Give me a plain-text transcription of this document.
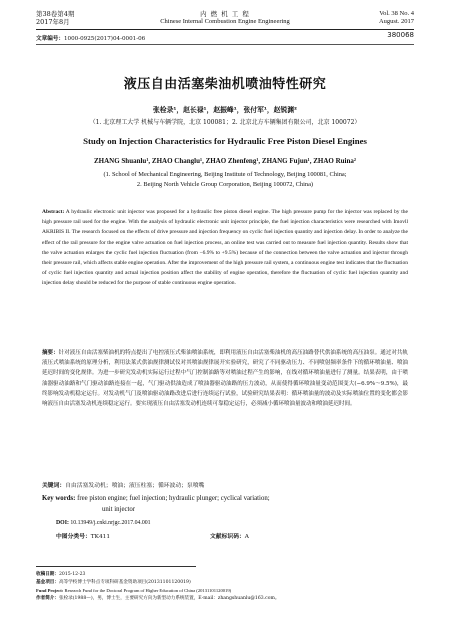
第38卷第4期
2017年8月
内 燃 机 工 程
Chinese Internal Combustion Engine Engineering
Vol. 38 No. 4
August. 2017
文章编号：1000-0925(2017)04-0001-06	380068
液压自由活塞柴油机喷油特性研究
张栓录¹，赵长禄¹，赵振峰¹，张付军¹，赵锐渊²
（1. 北京理工大学 机械与车辆学院，北京 100081；2. 北京北方车辆集团有限公司，北京 100072）
Study on Injection Characteristics for Hydraulic Free Piston Diesel Engines
ZHANG Shuanlu¹, ZHAO Changlu¹, ZHAO Zhenfeng¹, ZHANG Fujun¹, ZHAO Ruina²
(1. School of Mechanical Engineering, Beijing Institute of Technology, Beijing 100081, China;
2. Beijing North Vehicle Group Corporation, Beijing 100072, China)
Abstract: A hydraulic electronic unit injector was proposed for a hydraulic free piston diesel engine. The high pressure pump for the injector was replaced by the high pressure rail used for the engine. With the analysis of hydraulic electronic unit injector principle, the fuel injection characteristics were researched with Imovll AKRIBIS II. The research focused on the effects of drive pressure and injection frequency on cyclic fuel injection quantity and injection delay. In order to analyze the effect of the rail pressure for the engine valve actuation on fuel injection process, an online test was carried out to measure fuel injection quantity. Results show that the valve actuation enlarges the cyclic fuel injection fluctuation (from −6.9% to +9.5%) because of the connection between the valve actuation and injector through their pressure rail, which affects stable engine operation. After the improvement of the high pressure rail system, a continuous engine test indicates that the fluctuation of cyclic fuel injection quantity and actual injection position affect the stability of engine operation, therefore the fluctuation of cyclic fuel injection quantity and injection delay should be reduced for the purpose of stable continuous engine operation.
摘要：针对液压自由活塞柴油机的特点提出了电控液压式柴油喷油系统，即利用液压自由活塞柴油机的高压油路替代供油系统的高压油泵。通过对共轨液压式喷油系统的原理分析，利用法莱式供油规律测试仪对其喷油规律展开实验研究，研究了不同驱动压力、不同喷射频率条件下的循环喷油量、喷油延迟时间的变化规律。为进一步研究发动机实际运行过程中气门控制油路等对喷油过程产生的影响，在线对循环喷油量进行了测量。结果表明，由于喷油器驱动油路和气门驱动油路连接在一起，气门驱动供油造成了喷油器驱动油路的压力波动，从而使得循环喷油量变动范围变大(−6.9%～9.5%)，最终影响发动机稳定运行。对发动机气门及喷油驱动油路改进后进行连续运行试验，试验研究结果表明：循环喷油量的波动及实际喷油位置的变化都会影响液压自由活塞发动机连续稳定运行。要实现液压自由活塞发动机连续可靠稳定运行，必须减小循环喷油量波动和喷油延迟时间。
关键词：自由活塞发动机；喷油；液压柱塞；循环波动；泵喷嘴
Key words: free piston engine; fuel injection; hydraulic plunger; cyclical variation;
unit injector
DOI: 10.13949/j.cnki.nrjgc.2017.04.001
中图分类号：TK411	文献标识码：A
收稿日期：2015-12-23
基金项目：高等学校博士学科点专项科研基金资助项目(20131101120019)
Fund Project: Research Fund for the Doctoral Program of Higher Education of China (20131101120019)
作者简介：张栓录(1988—)，男，博士生，主要研究方向为新型动力系统装置，E-mail：zhangshuanlu@163.com。
